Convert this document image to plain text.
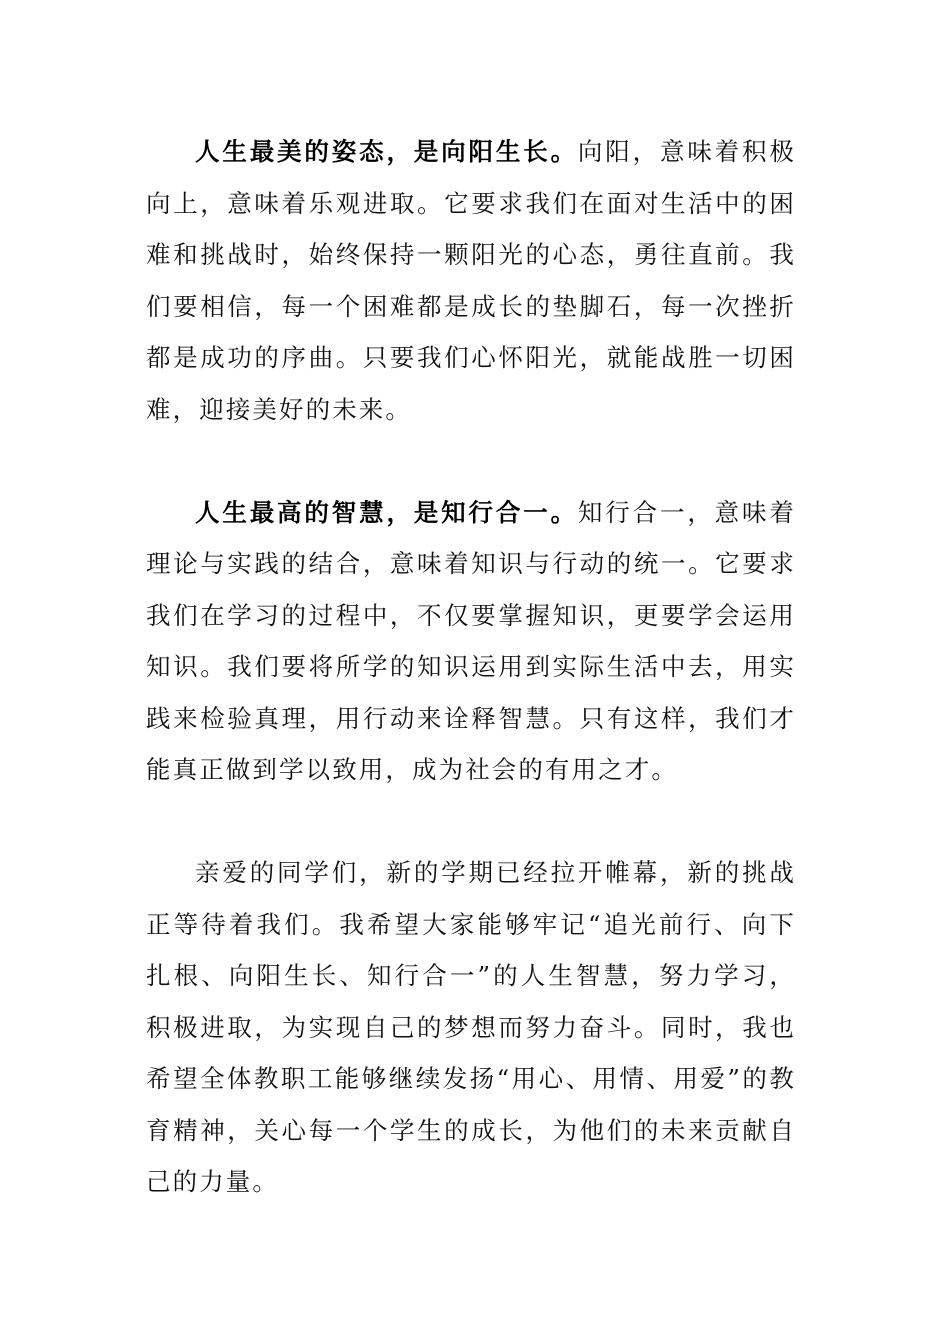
人生最美的姿态，是向阳生长。向阳，意味着积极向上，意味着乐观进取。它要求我们在面对生活中的困难和挑战时，始终保持一颗阳光的心态，勇往直前。我们要相信，每一个困难都是成长的垫脚石，每一次挫折都是成功的序曲。只要我们心怀阳光，就能战胜一切困难，迎接美好的未来。

人生最高的智慧，是知行合一。知行合一，意味着理论与实践的结合，意味着知识与行动的统一。它要求我们在学习的过程中，不仅要掌握知识，更要学会运用知识。我们要将所学的知识运用到实际生活中去，用实践来检验真理，用行动来诠释智慧。只有这样，我们才能真正做到学以致用，成为社会的有用之才。

亲爱的同学们，新的学期已经拉开帷幕，新的挑战正等待着我们。我希望大家能够牢记“追光前行、向下扎根、向阳生长、知行合一”的人生智慧，努力学习，积极进取，为实现自己的梦想而努力奋斗。同时，我也希望全体教职工能够继续发扬“用心、用情、用爱”的教育精神，关心每一个学生的成长，为他们的未来贡献自己的力量。
